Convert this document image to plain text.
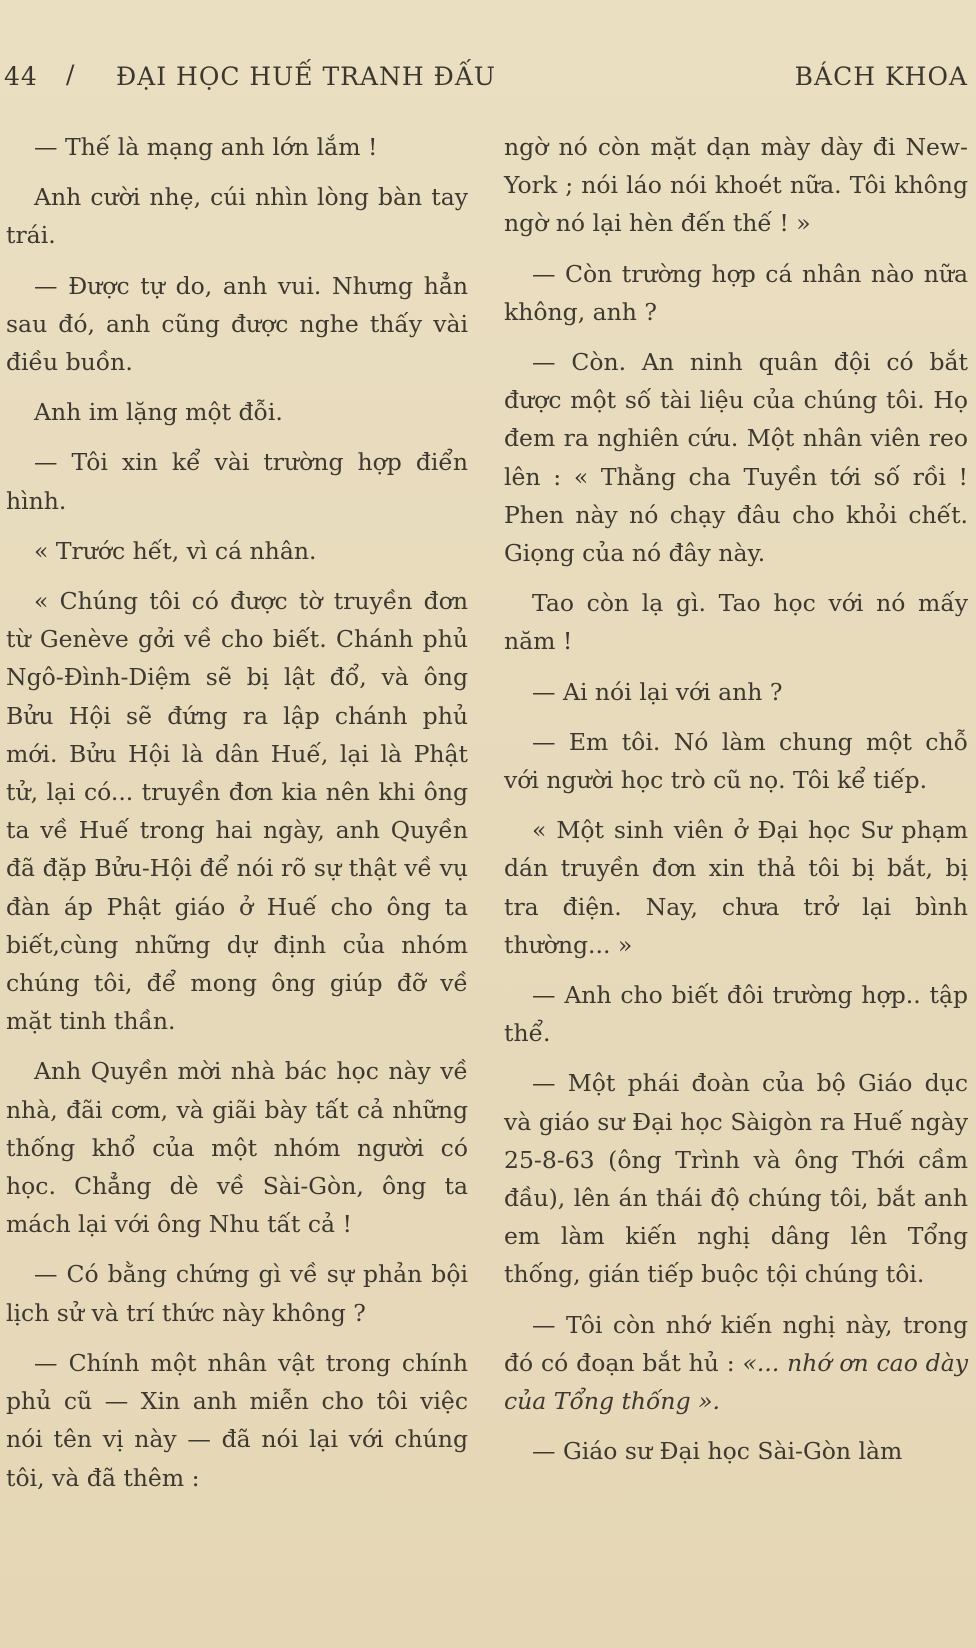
44 / ĐẠI HỌC HUẾ TRANH ĐẤU	BÁCH KHOA

— Thế là mạng anh lớn lắm !

Anh cười nhẹ, cúi nhìn lòng bàn tay trái.

— Được tự do, anh vui. Nhưng hẳn sau đó, anh cũng được nghe thấy vài điều buồn.

Anh im lặng một đỗi.

— Tôi xin kể vài trường hợp điển hình.

« Trước hết, vì cá nhân.

« Chúng tôi có được tờ truyền đơn từ Genève gởi về cho biết. Chánh phủ Ngô-Đình-Diệm sẽ bị lật đổ, và ông Bửu Hội sẽ đứng ra lập chánh phủ mới. Bửu Hội là dân Huế, lại là Phật tử, lại có... truyền đơn kia nên khi ông ta về Huế trong hai ngày, anh Quyền đã đặp Bửu-Hội để nói rõ sự thật về vụ đàn áp Phật giáo ở Huế cho ông ta biết,cùng những dự định của nhóm chúng tôi, để mong ông giúp đỡ về mặt tinh thần.

Anh Quyền mời nhà bác học này về nhà, đãi cơm, và giãi bày tất cả những thống khổ của một nhóm người có học. Chẳng dè về Sài-Gòn, ông ta mách lại với ông Nhu tất cả !

— Có bằng chứng gì về sự phản bội lịch sử và trí thức này không ?

— Chính một nhân vật trong chính phủ cũ — Xin anh miễn cho tôi việc nói tên vị này — đã nói lại với chúng tôi, và đã thêm :

ngờ nó còn mặt dạn mày dày đi New-York ; nói láo nói khoét nữa. Tôi không ngờ nó lại hèn đến thế ! »

— Còn trường hợp cá nhân nào nữa không, anh ?

— Còn. An ninh quân đội có bắt được một số tài liệu của chúng tôi. Họ đem ra nghiên cứu. Một nhân viên reo lên : « Thằng cha Tuyền tới số rồi ! Phen này nó chạy đâu cho khỏi chết. Giọng của nó đây này.

Tao còn lạ gì. Tao học với nó mấy năm !

— Ai nói lại với anh ?

— Em tôi. Nó làm chung một chỗ với người học trò cũ nọ. Tôi kể tiếp.

« Một sinh viên ở Đại học Sư phạm dán truyền đơn xin thả tôi bị bắt, bị tra điện. Nay, chưa trở lại bình thường... »

— Anh cho biết đôi trường hợp.. tập thể.

— Một phái đoàn của bộ Giáo dục và giáo sư Đại học Sàigòn ra Huế ngày 25-8-63 (ông Trình và ông Thới cầm đầu), lên án thái độ chúng tôi, bắt anh em làm kiến nghị dâng lên Tổng thống, gián tiếp buộc tội chúng tôi.

— Tôi còn nhớ kiến nghị này, trong đó có đoạn bắt hủ : «... nhớ ơn cao dày của Tổng thống ».

— Giáo sư Đại học Sài-Gòn làm
